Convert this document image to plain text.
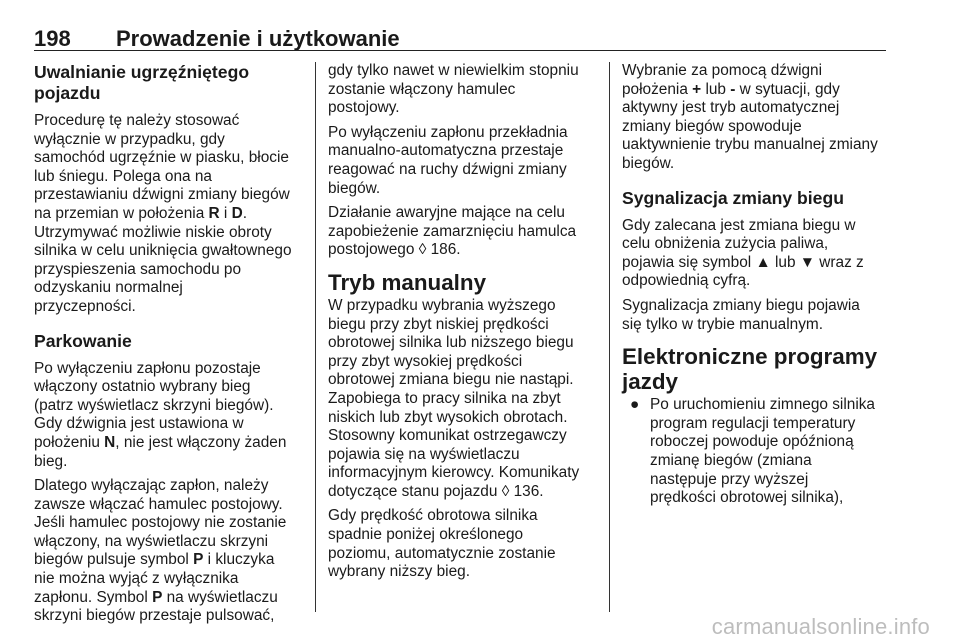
198 Prowadzenie i użytkowanie
Uwalnianie ugrzęźniętego
pojazdu

Procedurę tę należy stosować
wyłącznie w przypadku, gdy
samochód ugrzęźnie w piasku, błocie
lub śniegu. Polega ona na
przestawianiu dźwigni zmiany biegów
na przemian w położenia R i D.
Utrzymywać możliwie niskie obroty
silnika w celu uniknięcia gwałtownego
przyspieszenia samochodu po
odzyskaniu normalnej
przyczepności.

Parkowanie

Po wyłączeniu zapłonu pozostaje
włączony ostatnio wybrany bieg
(patrz wyświetlacz skrzyni biegów).
Gdy dźwignia jest ustawiona w
położeniu N, nie jest włączony żaden
bieg.

Dlatego wyłączając zapłon, należy
zawsze włączać hamulec postojowy.
Jeśli hamulec postojowy nie zostanie
włączony, na wyświetlaczu skrzyni
biegów pulsuje symbol P i kluczyka
nie można wyjąć z wyłącznika
zapłonu. Symbol P na wyświetlaczu
skrzyni biegów przestaje pulsować,

gdy tylko nawet w niewielkim stopniu
zostanie włączony hamulec
postojowy.

Po wyłączeniu zapłonu przekładnia
manualno-automatyczna przestaje
reagować na ruchy dźwigni zmiany
biegów.

Działanie awaryjne mające na celu
zapobieżenie zamarznięciu hamulca
postojowego ◊ 186.

Tryb manualny

W przypadku wybrania wyższego
biegu przy zbyt niskiej prędkości
obrotowej silnika lub niższego biegu
przy zbyt wysokiej prędkości
obrotowej zmiana biegu nie nastąpi.
Zapobiega to pracy silnika na zbyt
niskich lub zbyt wysokich obrotach.
Stosowny komunikat ostrzegawczy
pojawia się na wyświetlaczu
informacyjnym kierowcy. Komunikaty
dotyczące stanu pojazdu ◊ 136.

Gdy prędkość obrotowa silnika
spadnie poniżej określonego
poziomu, automatycznie zostanie
wybrany niższy bieg.

Wybranie za pomocą dźwigni
położenia + lub - w sytuacji, gdy
aktywny jest tryb automatycznej
zmiany biegów spowoduje
uaktywnienie trybu manualnej zmiany
biegów.

Sygnalizacja zmiany biegu

Gdy zalecana jest zmiana biegu w
celu obniżenia zużycia paliwa,
pojawia się symbol ▲ lub ▼ wraz z
odpowiednią cyfrą.

Sygnalizacja zmiany biegu pojawia
się tylko w trybie manualnym.

Elektroniczne programy
jazdy
● Po uruchomieniu zimnego silnika
program regulacji temperatury
roboczej powoduje opóźnioną
zmianę biegów (zmiana
następuje przy wyższej
prędkości obrotowej silnika),
carmanualsonline.info
